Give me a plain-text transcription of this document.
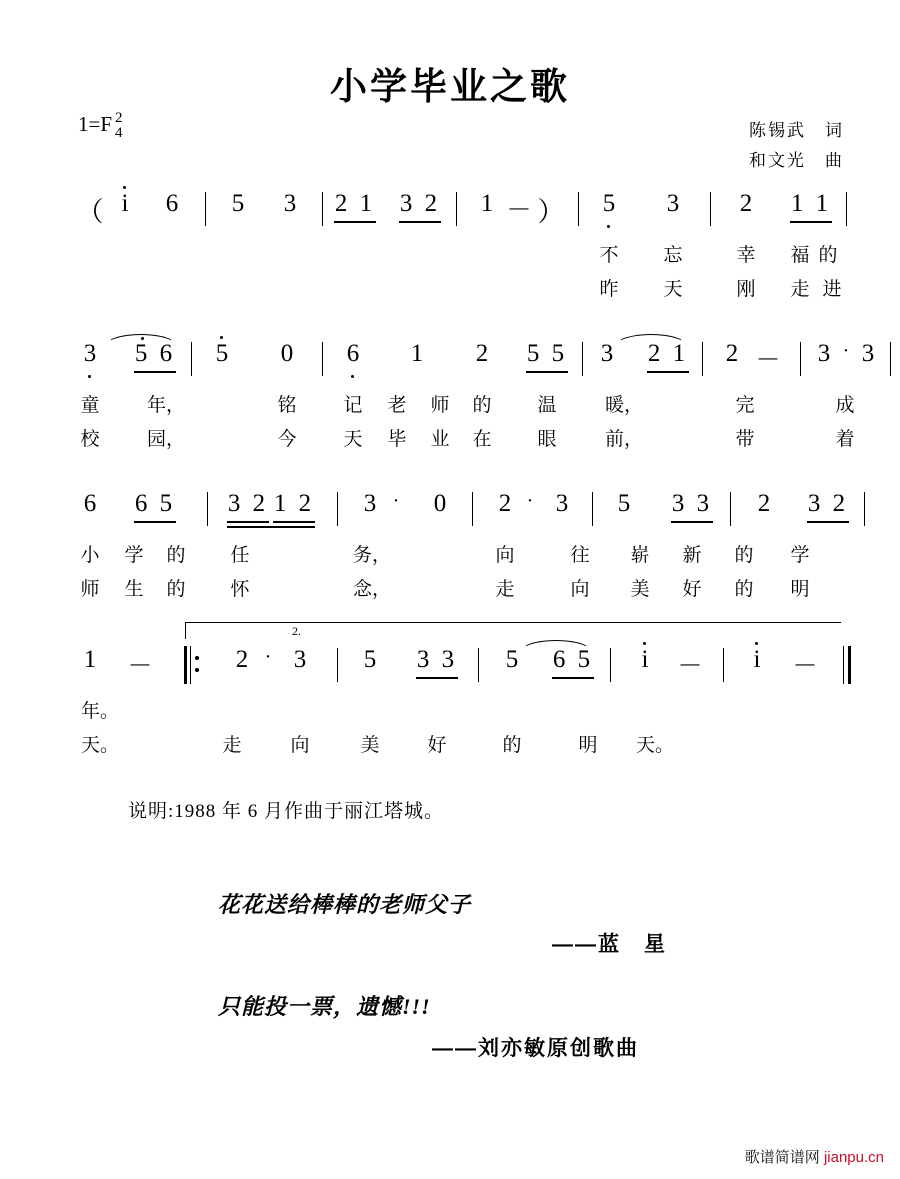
小学毕业之歌
1=F 2
4	陈锡武　词
和文光　曲
（ i 6 5 3 2 1 3 2 1 － ） 5 3 2 1 1
不 忘	幸 福 的
昨 天	刚 走 进
3 5 6 5 0 6 1 2 5 5 3 2 1 2 － 3 · 3
童 年，	铭 记 老 师 的 温	暖，	完	成
校 园，	今 天 毕 业 在 眼	前，	带	着
6 6 5 3 2 1 2 3 · 0 2 · 3 5 3 3 2 3 2
小 学 的 任	务，	向	往 崭 新 的 学
师 生 的 怀	念，	走	向 美 好 的 明
2.
1 －	2 · 3 5 3 3 5 6 5 i － i －
年。
天。	走	向	美	好	的	明 天。
说明:1988 年 6 月作曲于丽江塔城。
花花送给棒棒的老师父子
——蓝　星
只能投一票，遗憾!!!
——刘亦敏原创歌曲
歌谱简谱网 jianpu.cn
